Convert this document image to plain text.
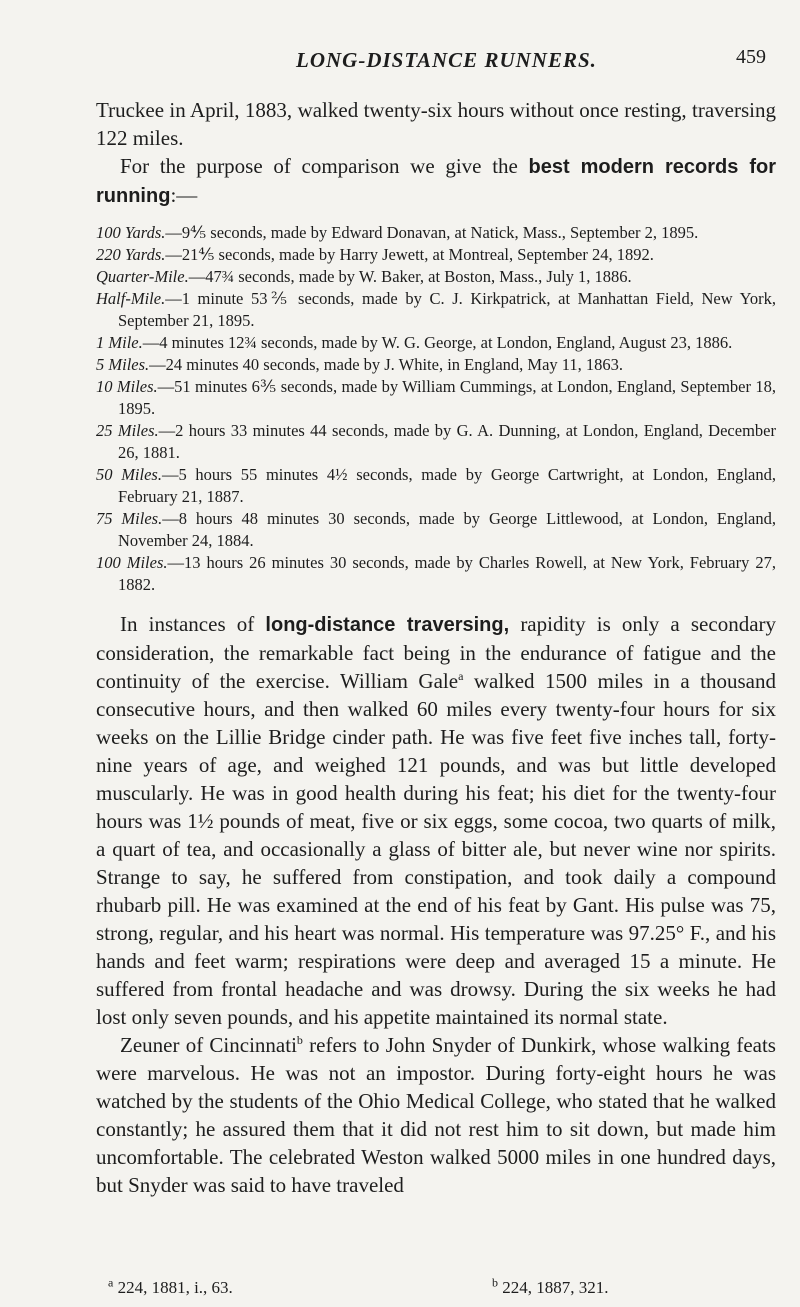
LONG-DISTANCE RUNNERS.	459

Truckee in April, 1883, walked twenty-six hours without once resting, traversing 122 miles.

For the purpose of comparison we give the best modern records for running:—

100 Yards.—9⅘ seconds, made by Edward Donavan, at Natick, Mass., September 2, 1895.

220 Yards.—21⅘ seconds, made by Harry Jewett, at Montreal, September 24, 1892.

Quarter-Mile.—47¾ seconds, made by W. Baker, at Boston, Mass., July 1, 1886.

Half-Mile.—1 minute 53⅖ seconds, made by C. J. Kirkpatrick, at Manhattan Field, New York, September 21, 1895.

1 Mile.—4 minutes 12¾ seconds, made by W. G. George, at London, England, August 23, 1886.

5 Miles.—24 minutes 40 seconds, made by J. White, in England, May 11, 1863.

10 Miles.—51 minutes 6⅗ seconds, made by William Cummings, at London, England, September 18, 1895.

25 Miles.—2 hours 33 minutes 44 seconds, made by G. A. Dunning, at London, England, December 26, 1881.

50 Miles.—5 hours 55 minutes 4½ seconds, made by George Cartwright, at London, England, February 21, 1887.

75 Miles.—8 hours 48 minutes 30 seconds, made by George Littlewood, at London, England, November 24, 1884.

100 Miles.—13 hours 26 minutes 30 seconds, made by Charles Rowell, at New York, February 27, 1882.

In instances of long-distance traversing, rapidity is only a secondary consideration, the remarkable fact being in the endurance of fatigue and the continuity of the exercise. William Gale$^a$ walked 1500 miles in a thousand consecutive hours, and then walked 60 miles every twenty-four hours for six weeks on the Lillie Bridge cinder path. He was five feet five inches tall, forty-nine years of age, and weighed 121 pounds, and was but little developed muscularly. He was in good health during his feat; his diet for the twenty-four hours was 1½ pounds of meat, five or six eggs, some cocoa, two quarts of milk, a quart of tea, and occasionally a glass of bitter ale, but never wine nor spirits. Strange to say, he suffered from constipation, and took daily a compound rhubarb pill. He was examined at the end of his feat by Gant. His pulse was 75, strong, regular, and his heart was normal. His temperature was 97.25° F., and his hands and feet warm; respirations were deep and averaged 15 a minute. He suffered from frontal headache and was drowsy. During the six weeks he had lost only seven pounds, and his appetite maintained its normal state.

Zeuner of Cincinnati$^b$ refers to John Snyder of Dunkirk, whose walking feats were marvelous. He was not an impostor. During forty-eight hours he was watched by the students of the Ohio Medical College, who stated that he walked constantly; he assured them that it did not rest him to sit down, but made him uncomfortable. The celebrated Weston walked 5000 miles in one hundred days, but Snyder was said to have traveled

$^a$ 224, 1881, i., 63.	$^b$ 224, 1887, 321.
